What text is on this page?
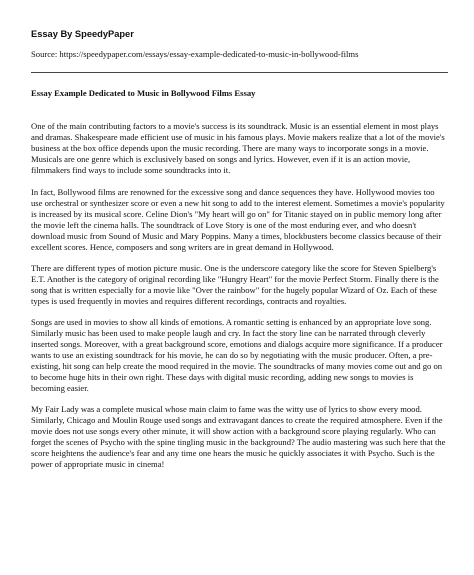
Essay By SpeedyPaper
Source: https://speedypaper.com/essays/essay-example-dedicated-to-music-in-bollywood-films
Essay Example Dedicated to Music in Bollywood Films Essay

One of the main contributing factors to a movie's success is its soundtrack. Music is an essential element in most plays and dramas. Shakespeare made efficient use of music in his famous plays. Movie makers realize that a lot of the movie's business at the box office depends upon the music recording. There are many ways to incorporate songs in a movie. Musicals are one genre which is exclusively based on songs and lyrics. However, even if it is an action movie, filmmakers find ways to include some soundtracks into it.

In fact, Bollywood films are renowned for the excessive song and dance sequences they have. Hollywood movies too use orchestral or synthesizer score or even a new hit song to add to the interest element. Sometimes a movie's popularity is increased by its musical score. Celine Dion's "My heart will go on" for Titanic stayed on in public memory long after the movie left the cinema halls. The soundtrack of Love Story is one of the most enduring ever, and who doesn't download music from Sound of Music and Mary Poppins. Many a times, blockbusters become classics because of their excellent scores. Hence, composers and song writers are in great demand in Hollywood.

There are different types of motion picture music. One is the underscore category like the score for Steven Spielberg's E.T. Another is the category of original recording like "Hungry Heart" for the movie Perfect Storm. Finally there is the song that is written especially for a movie like "Over the rainbow" for the hugely popular Wizard of Oz. Each of these types is used frequently in movies and requires different recordings, contracts and royalties.

Songs are used in movies to show all kinds of emotions. A romantic setting is enhanced by an appropriate love song. Similarly music has been used to make people laugh and cry. In fact the story line can be narrated through cleverly inserted songs. Moreover, with a great background score, emotions and dialogs acquire more significance. If a producer wants to use an existing soundtrack for his movie, he can do so by negotiating with the music producer. Often, a pre-existing, hit song can help create the mood required in the movie. The soundtracks of many movies come out and go on to become huge hits in their own right. These days with digital music recording, adding new songs to movies is becoming easier.

My Fair Lady was a complete musical whose main claim to fame was the witty use of lyrics to show every mood. Similarly, Chicago and Moulin Rouge used songs and extravagant dances to create the required atmosphere. Even if the movie does not use songs every other minute, it will show action with a background score playing regularly. Who can forget the scenes of Psycho with the spine tingling music in the background? The audio mastering was such here that the score heightens the audience's fear and any time one hears the music he quickly associates it with Psycho. Such is the power of appropriate music in cinema!
